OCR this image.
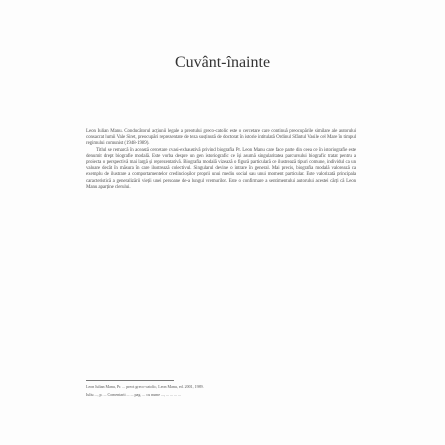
Cuvânt-înainte

Leon Iulian Manu. Conducătorul acțiunii legale a preotului greco-catolic este o cercetare care continuă preocupările similare ale autorului consacrat lumii Vale Siret, preocupări reprezentate de teza susținută de doctorat în istorie intitulată Ordinul Sfântul Vasile cel Mare în timpul regimului comunist (1948-1989).

Titlul se remarcă în această cercetare cvasi-exhaustivă privind biografia Pr. Leon Manu care face parte din ceea ce în istoriografie este denumit drept biografie modală. Este vorba despre un gen istoriografic ce își asumă singularitatea parcursului biografic tratat pentru a proiecta o perspectivă mai largă și reprezentativă. Biografia modală vizează o figură particulară ce ilustrează tipuri comune, individul ca un valoare decât în măsura în care ilustrează colectivul. Singularul devine o intrare în general. Mai precis, biografia modală valorează ca exemplu de ilustrare a comportamentelor credincioșilor proprii unui mediu social sau unui moment particular. Este valorizată principala caracteristică a generalizării vieții unei persoane de-a lungul vremurilor. Este o confirmare a sentimentului autorului acestei cărți că Leon Manu aparține clerului.

Leon Iulian Manu, Pr. ... preot greco-catolic, Leon Manu, ed. 2001, 1989.

Iuliu ..., p. ... Comentarii ... ... pag. ... cu nume ..., ... ... ... ...
